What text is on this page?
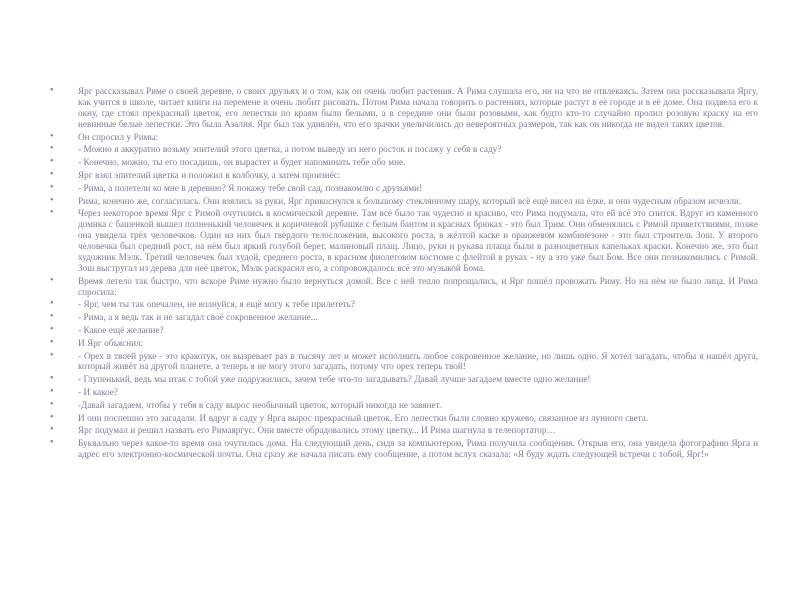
•	Ярг рассказывал Риме о своей деревне, о своих друзьях и о том, как он очень любит растения. А Рима слушала его, ни на что не отвлекаясь. Затем она рассказывала Яргу, как учится в школе, читает книги на перемене и очень любит рисовать. Потом Рима начала говорить о растениях, которые растут в её городе и в её доме. Она подвела его к окну, где стоял прекрасный цветок, его лепестки по краям были белыми, а в середине они были розовыми, как будто кто-то случайно пролил розовую краску на его невинные белые лепестки. Это была Азалия. Ярг был так удивлён, что его зрачки увеличились до невероятных размеров, так как он никогда не видел таких цветов.
•	Он спросил у Римы:
•	- Можно я аккуратно возьму эпителий этого цветка, а потом выведу из него росток и посажу у себя в саду?
•	- Конечно, можно, ты его посадишь, он вырастет и будет напоминать тебе обо мне.
•	Ярг взял эпителий цветка и положил в колбочку, а затем произнёс:
•	- Рима, а полетели ко мне в деревню? Я покажу тебе свой сад, познакомлю с друзьями!
•	Рима, конечно же, согласилась. Они взялись за руки, Ярг прикоснулся к большому стеклянному шару, который всё ещё висел на ёлке, и они чудесным образом исчезли.
•	Через некоторое время Ярг с Римой очутились в космической деревне. Там всё было так чудесно и красиво, что Рима подумала, что ей всё это снится. Вдруг из каменного домика с башенкой вышел полненький человечек в коричневой рубашке с белым бантом и красных брюках - это был Трим. Они обменялись с Римой приветствиями, позже она увидела трёх человечков. Один из них был твёрдого телосложения, высокого роста, в жёлтой каске и оранжевом комбинезоне - это был строитель Зош. У второго человечка был средний рост, на нём был яркий голубой берет, малиновый плащ. Лицо, руки и рукава плаща были в разноцветных капельках краски. Конечно же, это был художник Мэлк. Третий человечек был худой, среднего роста, в красном фиолетовом костюме с флейтой в руках - ну а это уже был Бом. Все они познакомились с Римой. Зош выстругал из дерева для неё цветок, Мэлк раскрасил его, а сопровождалось всё это музыкой Бома.
•	Время летело так быстро, что вскоре Риме нужно было вернуться домой. Все с ней тепло попрощались, и Ярг пошёл провожать Риму. Но на нём не было лица. И Рима спросила:
•	- Ярг, чем ты так опечален, не волнуйся, я ещё могу к тебе прилететь?
•	- Рима, а я ведь так и не загадал своё сокровенное желание...
•	- Какое ещё желание?
•	И Ярг объяснил:
•	- Орех в твоей руке - это кракотук, он вызревает раз в тысячу лет и может исполнить любое сокровенное желание, но лишь одно. Я хотел загадать, чтобы я нашёл друга, который живёт на другой планете, а теперь я не могу этого загадать, потому что орех теперь твой!
•	- Глупенький, ведь мы итак с тобой уже подружились, зачем тебе что-то загадывать? Давай лучше загадаем вместе одно желание!
•	- И какое?
•	-Давай загадаем, чтобы у тебя в саду вырос необычный цветок, который никогда не завянет.
•	И они поспешно это загадали. И вдруг в саду у Ярга вырос прекрасный цветок. Его лепестки были словно кружево, связанное из лунного света.
•	Ярг подумал и решил назвать его Римаяргус. Они вместе обрадовались этому цветку... И Рима шагнула в телепортатор…
•	Буквально через какое-то время она очутилась дома. На следующий день, сидя за компьютером, Рима получила сообщения. Открыв его, она увидела фотографию Ярга и адрес его электронно-космической почты. Она сразу же начала писать ему сообщение, а потом вслух сказала: «Я буду ждать следующей встречи с тобой, Ярг!»
